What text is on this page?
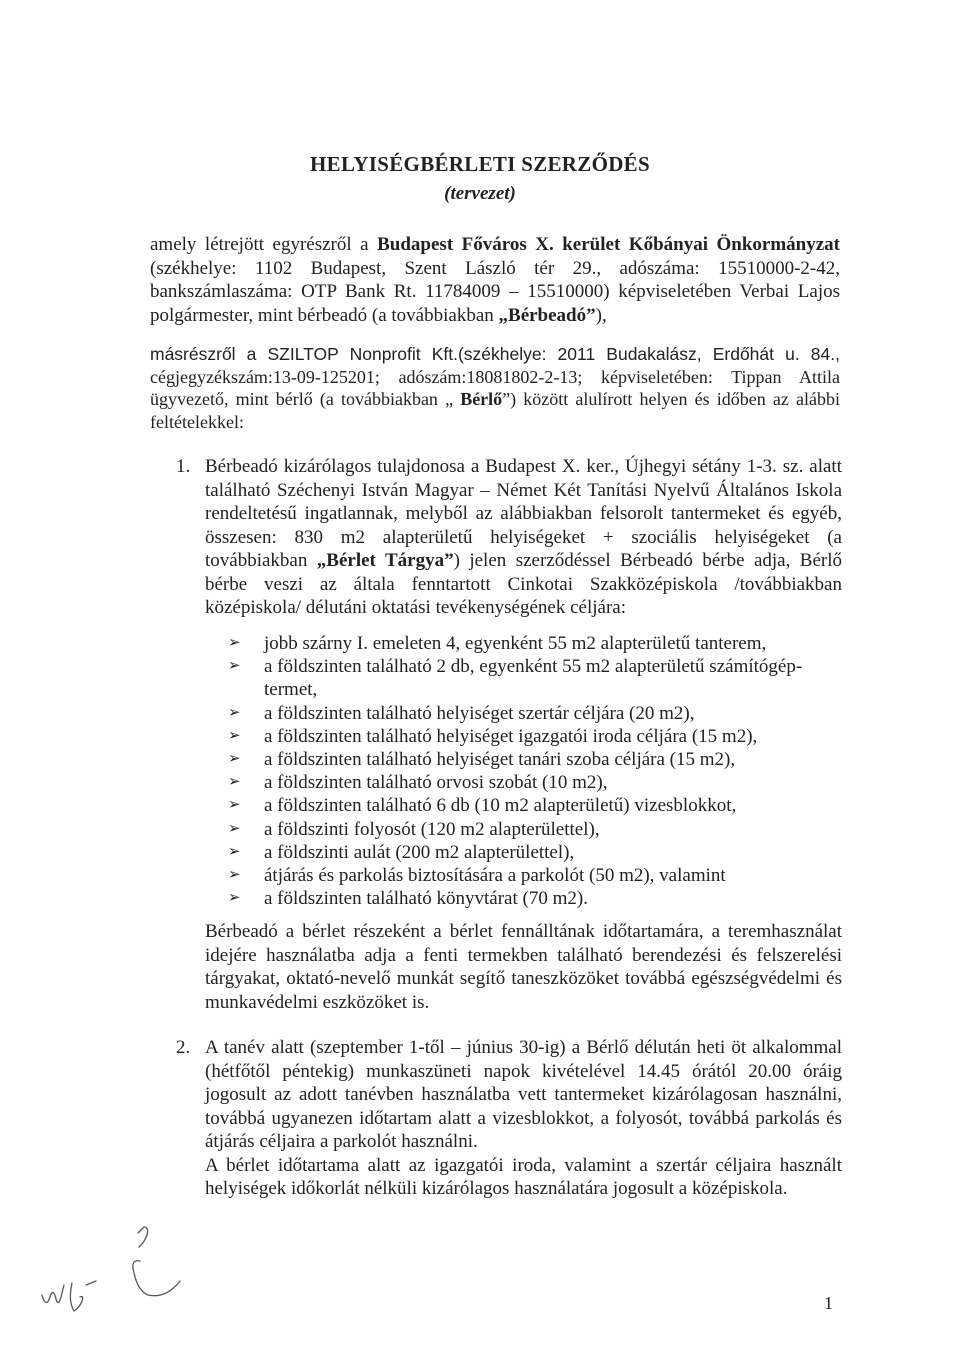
HELYISÉGBÉRLETI SZERZŐDÉS
(tervezet)
amely létrejött egyrészről a Budapest Főváros X. kerület Kőbányai Önkormányzat (székhelye: 1102 Budapest, Szent László tér 29., adószáma: 15510000-2-42, bankszámlaszáma: OTP Bank Rt. 11784009 – 15510000) képviseletében Verbai Lajos polgármester, mint bérbeadó (a továbbiakban „Bérbeadó”),
másrészről a SZILTOP Nonprofit Kft.(székhelye: 2011 Budakalász, Erdőhát u. 84., cégjegyzékszám:13-09-125201; adószám:18081802-2-13; képviseletében: Tippan Attila ügyvezető, mint bérlő (a továbbiakban „ Bérlő”) között alulírott helyen és időben az alábbi feltételekkel:
1. Bérbeadó kizárólagos tulajdonosa a Budapest X. ker., Újhegyi sétány 1-3. sz. alatt található Széchenyi István Magyar – Német Két Tanítási Nyelvű Általános Iskola rendeltetésű ingatlannak, melyből az alábbiakban felsorolt tantermeket és egyéb, összesen: 830 m2 alapterületű helyiségeket + szociális helyiségeket (a továbbiakban „Bérlet Tárgya”) jelen szerződéssel Bérbeadó bérbe adja, Bérlő bérbe veszi az általa fenntartott Cinkotai Szakközépiskola /továbbiakban középiskola/ délutáni oktatási tevékenységének céljára:
➢ jobb szárny I. emeleten 4, egyenként 55 m2 alapterületű tanterem,
➢ a földszinten található 2 db, egyenként 55 m2 alapterületű számítógép-termet,
➢ a földszinten található helyiséget szertár céljára (20 m2),
➢ a földszinten található helyiséget igazgatói iroda céljára (15 m2),
➢ a földszinten található helyiséget tanári szoba céljára (15 m2),
➢ a földszinten található orvosi szobát (10 m2),
➢ a földszinten található 6 db (10 m2 alapterületű) vizesblokkot,
➢ a földszinti folyosót (120 m2 alapterülettel),
➢ a földszinti aulát (200 m2 alapterülettel),
➢ átjárás és parkolás biztosítására a parkolót (50 m2), valamint
➢ a földszinten található könyvtárat (70 m2).
Bérbeadó a bérlet részeként a bérlet fennálltának időtartamára, a teremhasználat idejére használatba adja a fenti termekben található berendezési és felszerelési tárgyakat, oktató-nevelő munkát segítő taneszközöket továbbá egészségvédelmi és munkavédelmi eszközöket is.
2. A tanév alatt (szeptember 1-től – június 30-ig) a Bérlő délután heti öt alkalommal (hétfőtől péntekig) munkaszüneti napok kivételével 14.45 órától 20.00 óráig jogosult az adott tanévben használatba vett tantermeket kizárólagosan használni, továbbá ugyanezen időtartam alatt a vizesblokkot, a folyosót, továbbá parkolás és átjárás céljaira a parkolót használni.
A bérlet időtartama alatt az igazgatói iroda, valamint a szertár céljaira használt helyiségek időkorlát nélküli kizárólagos használatára jogosult a középiskola.
1
